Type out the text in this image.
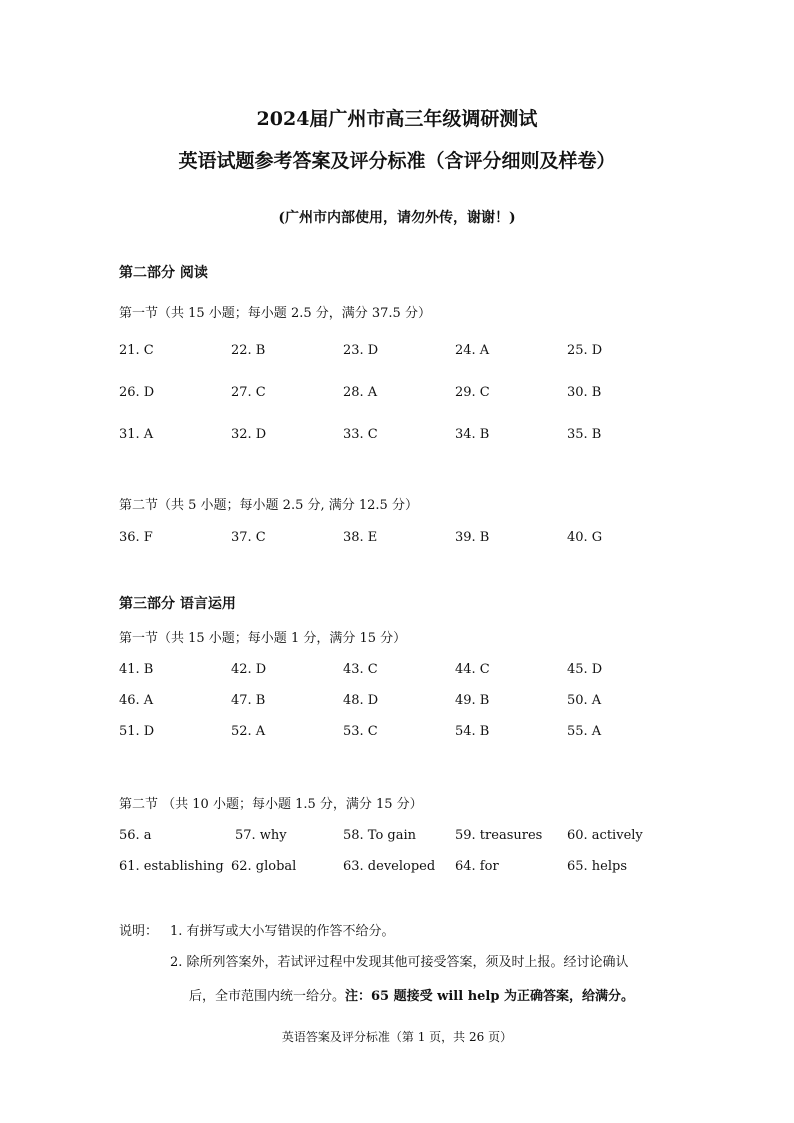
2024届广州市高三年级调研测试
英语试题参考答案及评分标准（含评分细则及样卷）
(广州市内部使用，请勿外传，谢谢！)
第二部分 阅读
第一节（共 15 小题；每小题 2.5 分，满分 37.5 分）
21. C	22. B	23. D	24. A	25. D
26. D	27. C	28. A	29. C	30. B
31. A	32. D	33. C	34. B	35. B
第二节（共 5 小题；每小题 2.5 分, 满分 12.5 分）
36. F	37. C	38. E	39. B	40. G
第三部分 语言运用
第一节（共 15 小题；每小题 1 分，满分 15 分）
41. B	42. D	43. C	44. C	45. D
46. A	47. B	48. D	49. B	50. A
51. D	52. A	53. C	54. B	55. A
第二节 （共 10 小题；每小题 1.5 分，满分 15 分）
56. a	57. why	58. To gain	59. treasures 60. actively
61. establishing 62. global	63. developed 64. for	65. helps
说明： 1. 有拼写或大小写错误的作答不给分。
2. 除所列答案外，若试评过程中发现其他可接受答案，须及时上报。经讨论确认
后，全市范围内统一给分。注：65 题接受 will help 为正确答案，给满分。
英语答案及评分标准（第 1 页，共 26 页）
